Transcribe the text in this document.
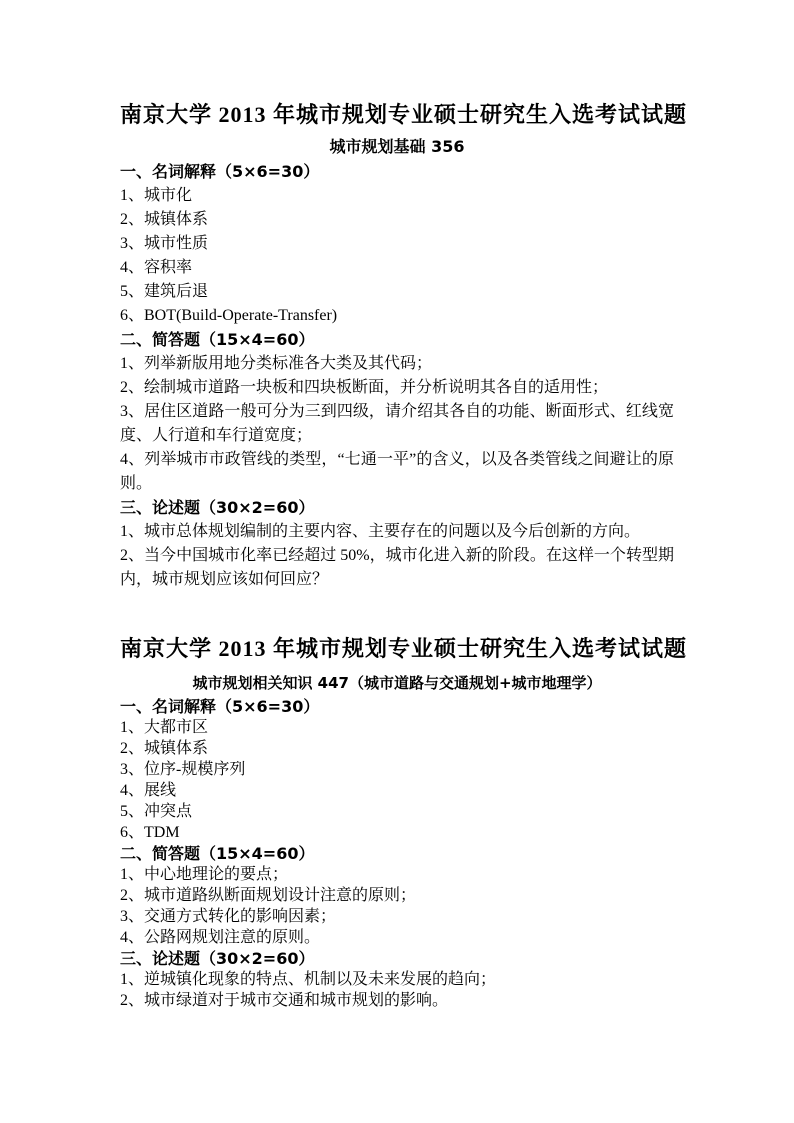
南京大学 2013 年城市规划专业硕士研究生入选考试试题
城市规划基础 356

一、名词解释（5×6=30）

1、城市化

2、城镇体系

3、城市性质

4、容积率

5、建筑后退

6、BOT(Build-Operate-Transfer)

二、简答题（15×4=60）

1、列举新版用地分类标准各大类及其代码；

2、绘制城市道路一块板和四块板断面，并分析说明其各自的适用性；

3、居住区道路一般可分为三到四级，请介绍其各自的功能、断面形式、红线宽度、人行道和车行道宽度；

4、列举城市市政管线的类型，“七通一平”的含义，以及各类管线之间避让的原则。

三、论述题（30×2=60）

1、城市总体规划编制的主要内容、主要存在的问题以及今后创新的方向。

2、当今中国城市化率已经超过 50%，城市化进入新的阶段。在这样一个转型期内，城市规划应该如何回应？

南京大学 2013 年城市规划专业硕士研究生入选考试试题
城市规划相关知识 447（城市道路与交通规划+城市地理学）

一、名词解释（5×6=30）

1、大都市区

2、城镇体系

3、位序-规模序列

4、展线

5、冲突点

6、TDM

二、简答题（15×4=60）

1、中心地理论的要点；

2、城市道路纵断面规划设计注意的原则；

3、交通方式转化的影响因素；

4、公路网规划注意的原则。

三、论述题（30×2=60）

1、逆城镇化现象的特点、机制以及未来发展的趋向；

2、城市绿道对于城市交通和城市规划的影响。
